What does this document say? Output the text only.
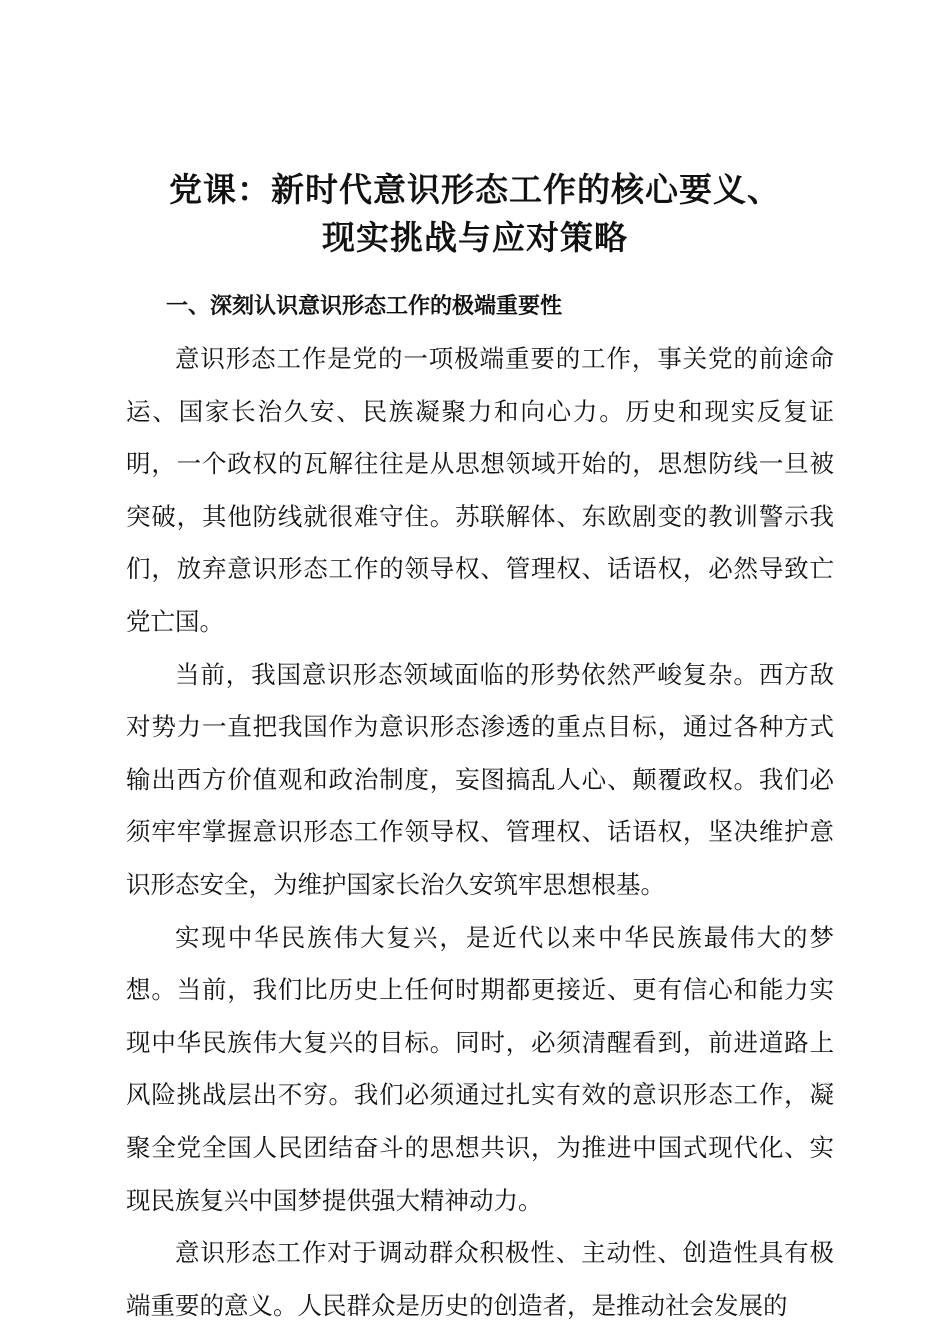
党课：新时代意识形态工作的核心要义、
现实挑战与应对策略
一、深刻认识意识形态工作的极端重要性

意识形态工作是党的一项极端重要的工作，事关党的前途命运、国家长治久安、民族凝聚力和向心力。历史和现实反复证明，一个政权的瓦解往往是从思想领域开始的，思想防线一旦被突破，其他防线就很难守住。苏联解体、东欧剧变的教训警示我们，放弃意识形态工作的领导权、管理权、话语权，必然导致亡党亡国。

当前，我国意识形态领域面临的形势依然严峻复杂。西方敌对势力一直把我国作为意识形态渗透的重点目标，通过各种方式输出西方价值观和政治制度，妄图搞乱人心、颠覆政权。我们必须牢牢掌握意识形态工作领导权、管理权、话语权，坚决维护意识形态安全，为维护国家长治久安筑牢思想根基。

实现中华民族伟大复兴，是近代以来中华民族最伟大的梦想。当前，我们比历史上任何时期都更接近、更有信心和能力实现中华民族伟大复兴的目标。同时，必须清醒看到，前进道路上风险挑战层出不穷。我们必须通过扎实有效的意识形态工作，凝聚全党全国人民团结奋斗的思想共识，为推进中国式现代化、实现民族复兴中国梦提供强大精神动力。

意识形态工作对于调动群众积极性、主动性、创造性具有极端重要的意义。人民群众是历史的创造者，是推动社会发展的
